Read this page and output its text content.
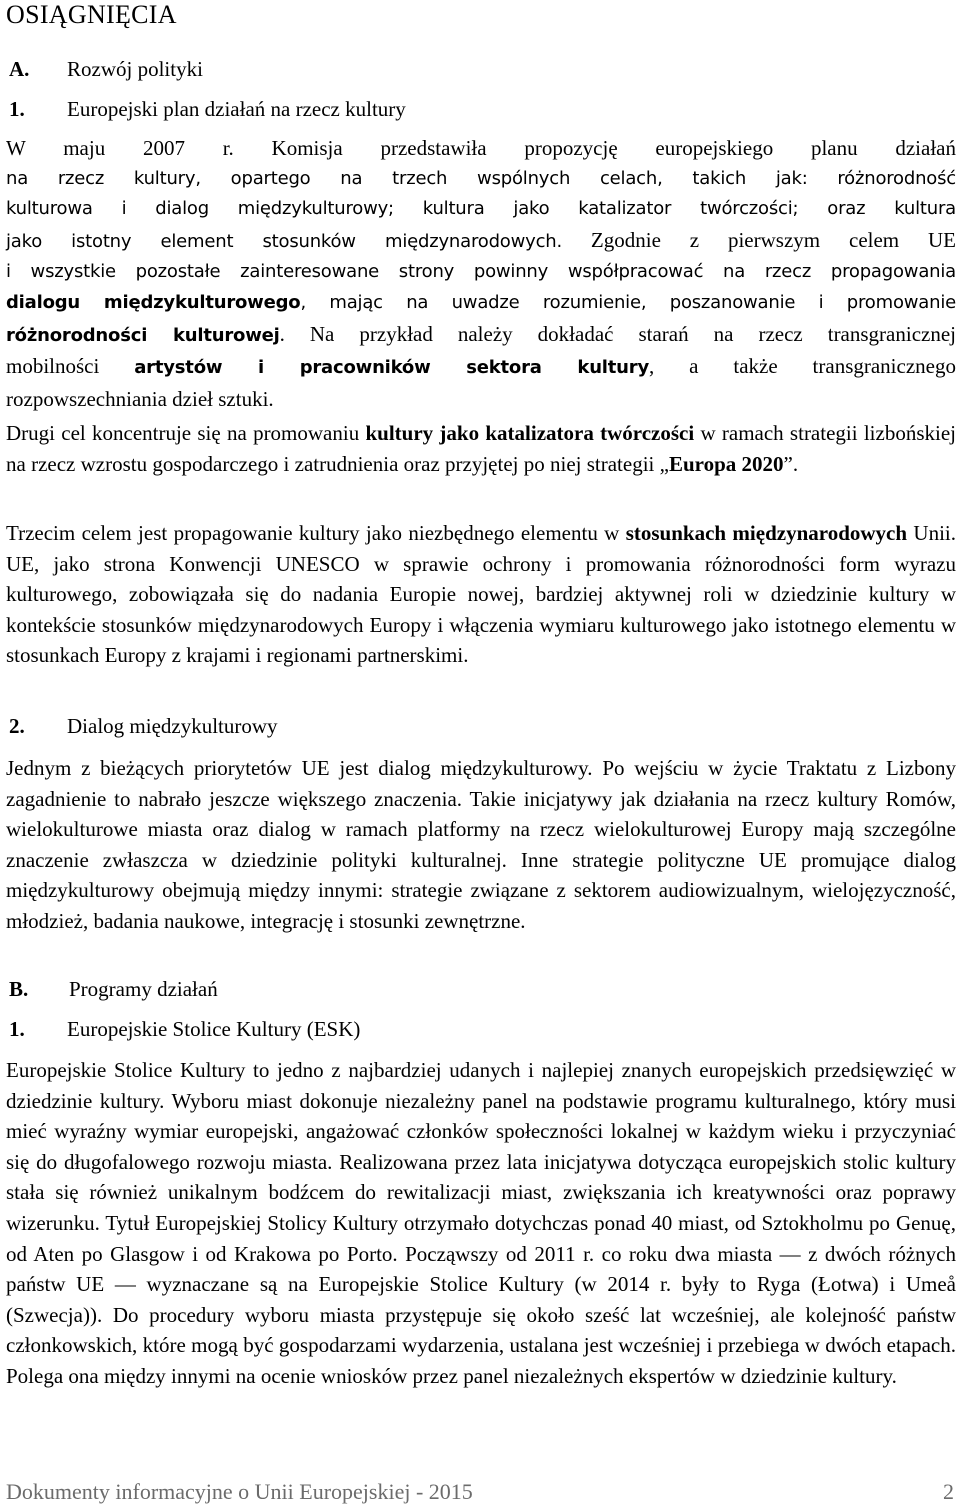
OSIĄGNIĘCIA
A. Rozwój polityki
1. Europejski plan działań na rzecz kultury

W maju 2007 r. Komisja przedstawiła propozycję europejskiego planu działań

na rzecz kultury, opartego na trzech wspólnych celach, takich jak: różnorodność

kulturowa i dialog międzykulturowy; kultura jako katalizator twórczości; oraz kultura

jako istotny element stosunków międzynarodowych. Zgodnie z pierwszym celem UE

i wszystkie pozostałe zainteresowane strony powinny współpracować na rzecz propagowania

dialogu międzykulturowego, mając na uwadze rozumienie, poszanowanie i promowanie

różnorodności kulturowej. Na przykład należy dokładać starań na rzecz transgranicznej

mobilności artystów i pracowników sektora kultury, a także transgranicznego

rozpowszechniania dzieł sztuki.

Drugi cel koncentruje się na promowaniu kultury jako katalizatora twórczości w ramach strategii lizbońskiej na rzecz wzrostu gospodarczego i zatrudnienia oraz przyjętej po niej strategii „Europa 2020”.

Trzecim celem jest propagowanie kultury jako niezbędnego elementu w stosunkach międzynarodowych Unii. UE, jako strona Konwencji UNESCO w sprawie ochrony i promowania różnorodności form wyrazu kulturowego, zobowiązała się do nadania Europie nowej, bardziej aktywnej roli w dziedzinie kultury w kontekście stosunków międzynarodowych Europy i włączenia wymiaru kulturowego jako istotnego elementu w stosunkach Europy z krajami i regionami partnerskimi.

2. Dialog międzykulturowy

Jednym z bieżących priorytetów UE jest dialog międzykulturowy. Po wejściu w życie Traktatu z Lizbony zagadnienie to nabrało jeszcze większego znaczenia. Takie inicjatywy jak działania na rzecz kultury Romów, wielokulturowe miasta oraz dialog w ramach platformy na rzecz wielokulturowej Europy mają szczególne znaczenie zwłaszcza w dziedzinie polityki kulturalnej. Inne strategie polityczne UE promujące dialog międzykulturowy obejmują między innymi: strategie związane z sektorem audiowizualnym, wielojęzyczność, młodzież, badania naukowe, integrację i stosunki zewnętrzne.

B. Programy działań
1. Europejskie Stolice Kultury (ESK)

Europejskie Stolice Kultury to jedno z najbardziej udanych i najlepiej znanych europejskich przedsięwzięć w dziedzinie kultury. Wyboru miast dokonuje niezależny panel na podstawie programu kulturalnego, który musi mieć wyraźny wymiar europejski, angażować członków społeczności lokalnej w każdym wieku i przyczyniać się do długofalowego rozwoju miasta. Realizowana przez lata inicjatywa dotycząca europejskich stolic kultury stała się również unikalnym bodźcem do rewitalizacji miast, zwiększania ich kreatywności oraz poprawy wizerunku. Tytuł Europejskiej Stolicy Kultury otrzymało dotychczas ponad 40 miast, od Sztokholmu po Genuę, od Aten po Glasgow i od Krakowa po Porto. Począwszy od 2011 r. co roku dwa miasta — z dwóch różnych państw UE — wyznaczane są na Europejskie Stolice Kultury (w 2014 r. były to Ryga (Łotwa) i Umeå (Szwecja)). Do procedury wyboru miasta przystępuje się około sześć lat wcześniej, ale kolejność państw członkowskich, które mogą być gospodarzami wydarzenia, ustalana jest wcześniej i przebiega w dwóch etapach. Polega ona między innymi na ocenie wniosków przez panel niezależnych ekspertów w dziedzinie kultury.

Dokumenty informacyjne o Unii Europejskiej - 2015	2
